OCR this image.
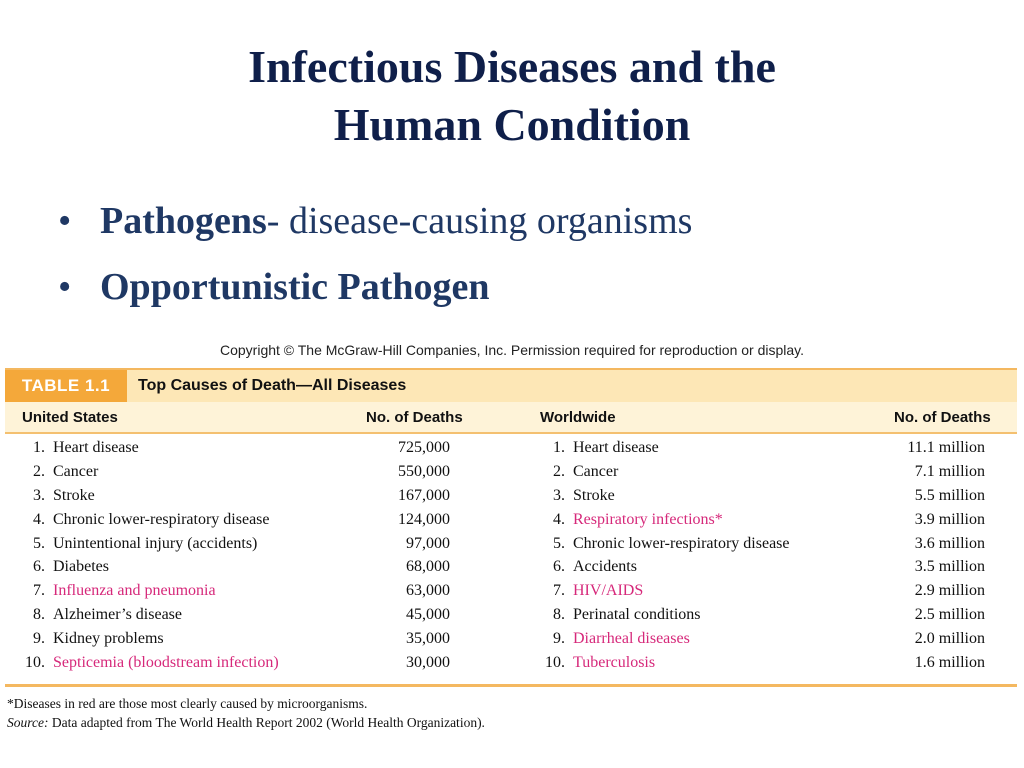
Infectious Diseases and the
Human Condition
• Pathogens- disease-causing organisms
• Opportunistic Pathogen
Copyright © The McGraw-Hill Companies, Inc. Permission required for reproduction or display.
TABLE 1.1	Top Causes of Death—All Diseases
United States	No. of Deaths	Worldwide	No. of Deaths
1. Heart disease	725,000	1. Heart disease	11.1 million
2. Cancer	550,000	2. Cancer	7.1 million
3. Stroke	167,000	3. Stroke	5.5 million
4. Chronic lower-respiratory disease	124,000	4. Respiratory infections*	3.9 million
5. Unintentional injury (accidents)	97,000	5. Chronic lower-respiratory disease	3.6 million
6. Diabetes	68,000	6. Accidents	3.5 million
7. Influenza and pneumonia	63,000	7. HIV/AIDS	2.9 million
8. Alzheimer’s disease	45,000	8. Perinatal conditions	2.5 million
9. Kidney problems	35,000	9. Diarrheal diseases	2.0 million
10. Septicemia (bloodstream infection)	30,000	10. Tuberculosis	1.6 million
*Diseases in red are those most clearly caused by microorganisms.
Source: Data adapted from The World Health Report 2002 (World Health Organization).
